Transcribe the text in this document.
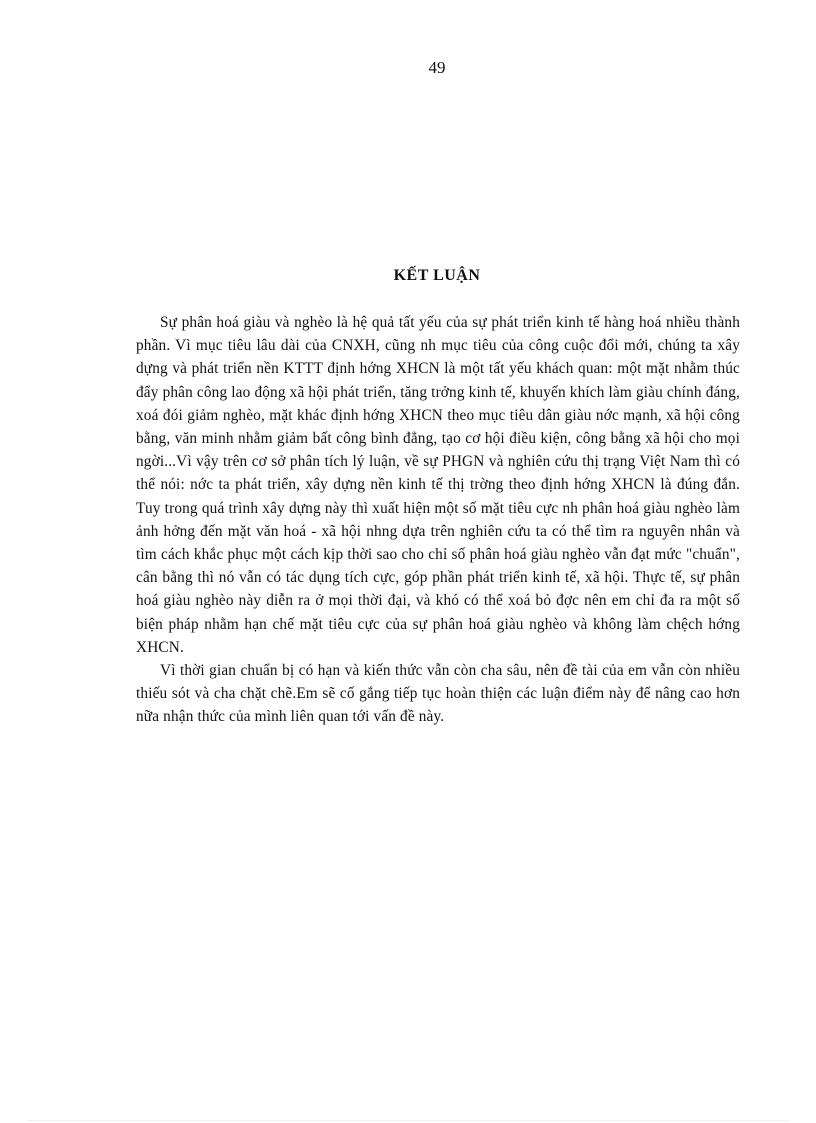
49
KẾT LUẬN

Sự phân hoá giàu và nghèo là hệ quả tất yếu của sự phát triển kinh tế hàng hoá nhiều thành phần. Vì mục tiêu lâu dài của CNXH, cũng nh mục tiêu của công cuộc đổi mới, chúng ta xây dựng và phát triển nền KTTT định hớng XHCN là một tất yếu khách quan: một mặt nhằm thúc đẩy phân công lao động xã hội phát triển, tăng trởng kinh tế, khuyến khích làm giàu chính đáng, xoá đói giảm nghèo, mặt khác định hớng XHCN theo mục tiêu dân giàu nớc mạnh, xã hội công bằng, văn minh nhằm giảm bất công bình đẳng, tạo cơ hội điều kiện, công bằng xã hội cho mọi ngời...Vì vậy trên cơ sở phân tích lý luận, về sự PHGN và nghiên cứu thị trạng Việt Nam thì có thể nói: nớc ta phát triển, xây dựng nền kinh tế thị trờng theo định hớng XHCN là đúng đắn. Tuy trong quá trình xây dựng này thì xuất hiện một số mặt tiêu cực nh phân hoá giàu nghèo làm ảnh hởng đến mặt văn hoá - xã hội nhng dựa trên nghiên cứu ta có thể tìm ra nguyên nhân và tìm cách khắc phục một cách kịp thời sao cho chỉ số phân hoá giàu nghèo vẫn đạt mức "chuẩn", cân bằng thì nó vẫn có tác dụng tích cực, góp phần phát triển kinh tế, xã hội. Thực tế, sự phân hoá giàu nghèo này diễn ra ở mọi thời đại, và khó có thể xoá bỏ đợc nên em chỉ đa ra một số biện pháp nhằm hạn chế mặt tiêu cực của sự phân hoá giàu nghèo và không làm chệch hớng XHCN.

Vì thời gian chuẩn bị có hạn và kiến thức vẫn còn cha sâu, nên đề tài của em vẫn còn nhiều thiếu sót và cha chặt chẽ.Em sẽ cố gắng tiếp tục hoàn thiện các luận điểm này để nâng cao hơn nữa nhận thức của mình liên quan tới vấn đề này.
